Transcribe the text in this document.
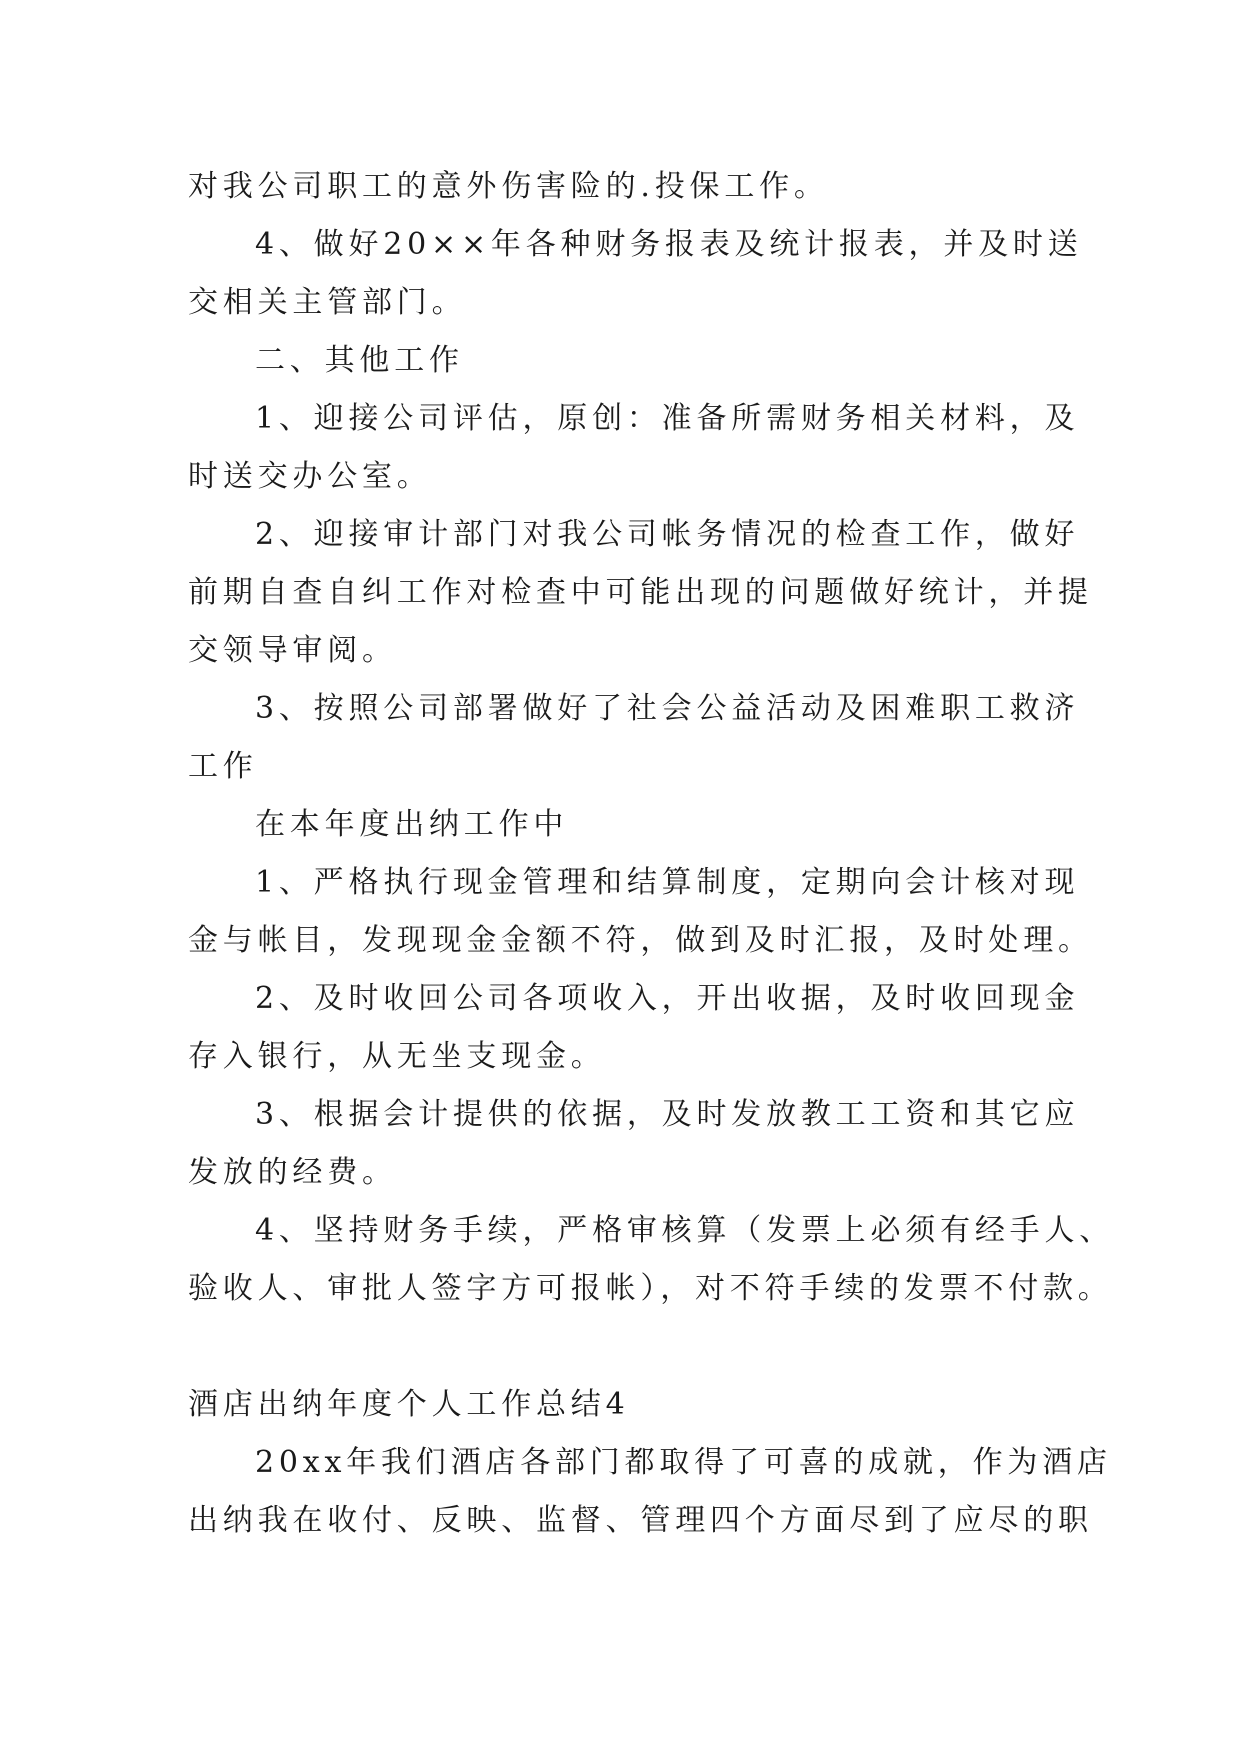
对我公司职工的意外伤害险的.投保工作。
4、做好20××年各种财务报表及统计报表，并及时送
交相关主管部门。
二、其他工作
1、迎接公司评估，原创：准备所需财务相关材料，及
时送交办公室。
2、迎接审计部门对我公司帐务情况的检查工作，做好
前期自查自纠工作对检查中可能出现的问题做好统计，并提
交领导审阅。
3、按照公司部署做好了社会公益活动及困难职工救济
工作
在本年度出纳工作中
1、严格执行现金管理和结算制度，定期向会计核对现
金与帐目，发现现金金额不符，做到及时汇报，及时处理。
2、及时收回公司各项收入，开出收据，及时收回现金
存入银行，从无坐支现金。
3、根据会计提供的依据，及时发放教工工资和其它应
发放的经费。
4、坚持财务手续，严格审核算（发票上必须有经手人、
验收人、审批人签字方可报帐），对不符手续的发票不付款。
酒店出纳年度个人工作总结4
20xx年我们酒店各部门都取得了可喜的成就，作为酒店
出纳我在收付、反映、监督、管理四个方面尽到了应尽的职
